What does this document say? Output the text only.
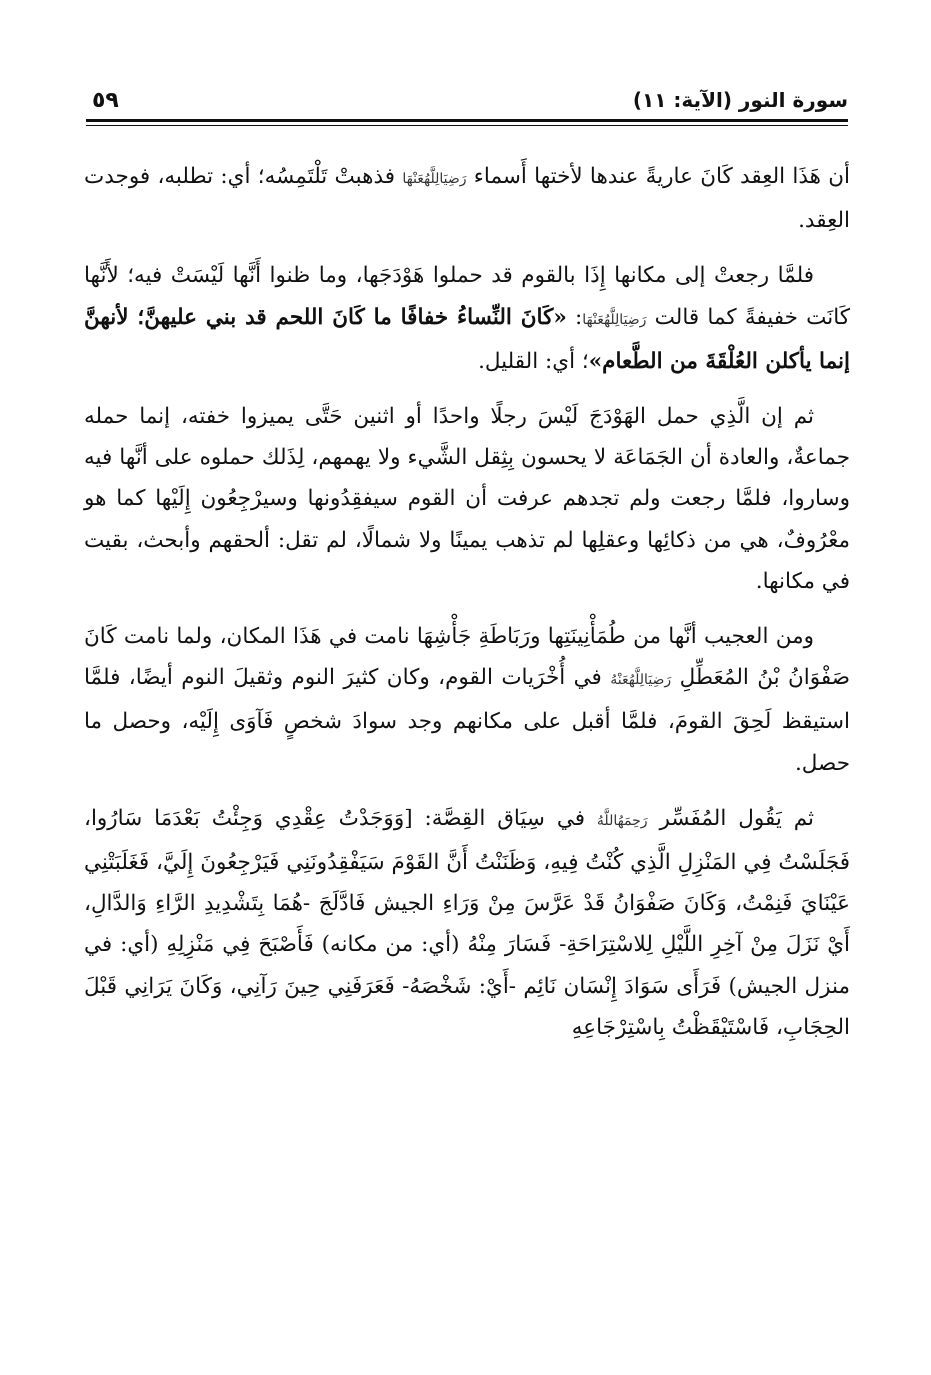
سورة النور (الآية: ١١)
٥٩

أن هَذَا العِقد كَانَ عاريةً عندها لأختها أَسماء رَضِيَالِلَّهُعَنْهَا فذهبتْ تَلْتَمِسُه؛ أي: تطلبه، فوجدت العِقد.

فلمَّا رجعتْ إلى مكانها إِذَا بالقوم قد حملوا هَوْدَجَها، وما ظنوا أَنَّها لَيْسَتْ فيه؛ لأَنَّها كَانَت خفيفةً كما قالت رَضِيَالِلَّهُعَنْهَا: «كَانَ النِّساءُ خفافًا ما كَانَ اللحم قد بني عليهنَّ؛ لأنهنَّ إنما يأكلن العُلْقَةَ من الطَّعام»؛ أي: القليل.

ثم إن الَّذِي حمل الهَوْدَجَ لَيْسَ رجلًا واحدًا أو اثنين حَتَّى يميزوا خفته، إنما حمله جماعةٌ، والعادة أن الجَمَاعَة لا يحسون بِثِقل الشَّيء ولا يهمهم، لِذَلك حملوه على أنَّها فيه وساروا، فلمَّا رجعت ولم تجدهم عرفت أن القوم سيفقِدُونها وسيرْجِعُون إِلَيْها كما هو معْرُوفٌ، هي من ذكائِها وعقلِها لم تذهب يمينًا ولا شمالًا، لم تقل: ألحقهم وأبحث، بقيت في مكانها.

ومن العجيب أنَّها من طُمَأْنِينَتِها ورَبَاطَةِ جَأْشِهَا نامت في هَذَا المكان، ولما نامت كَانَ صَفْوَانُ بْنُ المُعَطِّلِ رَضِيَالِلَّهُعَنْهُ في أُخْرَيات القوم، وكان كثيرَ النوم وثقيلَ النوم أيضًا، فلمَّا استيقظ لَحِقَ القومَ، فلمَّا أقبل على مكانهم وجد سوادَ شخصٍ فَآوَى إِلَيْه، وحصل ما حصل.

ثم يَقُول المُفَسِّر رَحِمَهُاللَّهُ في سِيَاق القِصَّة: [وَوَجَدْتُ عِقْدِي وَجِئْتُ بَعْدَمَا سَارُوا، فَجَلَسْتُ فِي المَنْزِلِ الَّذِي كُنْتُ فِيهِ، وَظَنَنْتُ أَنَّ القَوْمَ سَيَفْقِدُونَنِي فَيَرْجِعُونَ إِلَيَّ، فَغَلَبَتْنِي عَيْنَايَ فَنِمْتُ، وَكَانَ صَفْوَانُ قَدْ عَرَّسَ مِنْ وَرَاءِ الجيش فَادَّلَجَ -هُمَا بِتَشْدِيدِ الرَّاءِ وَالدَّالِ، أَيْ نَزَلَ مِنْ آخِرِ اللَّيْلِ لِلاسْتِرَاحَةِ- فَسَارَ مِنْهُ (أي: من مكانه) فَأَصْبَحَ فِي مَنْزِلِهِ (أي: في منزل الجيش) فَرَأَى سَوَادَ إِنْسَان نَائِم -أَيْ: شَخْصَهُ- فَعَرَفَنِي حِينَ رَآنِي، وَكَانَ يَرَانِي قَبْلَ الحِجَابِ، فَاسْتَيْقَظْتُ بِاسْتِرْجَاعِهِ
